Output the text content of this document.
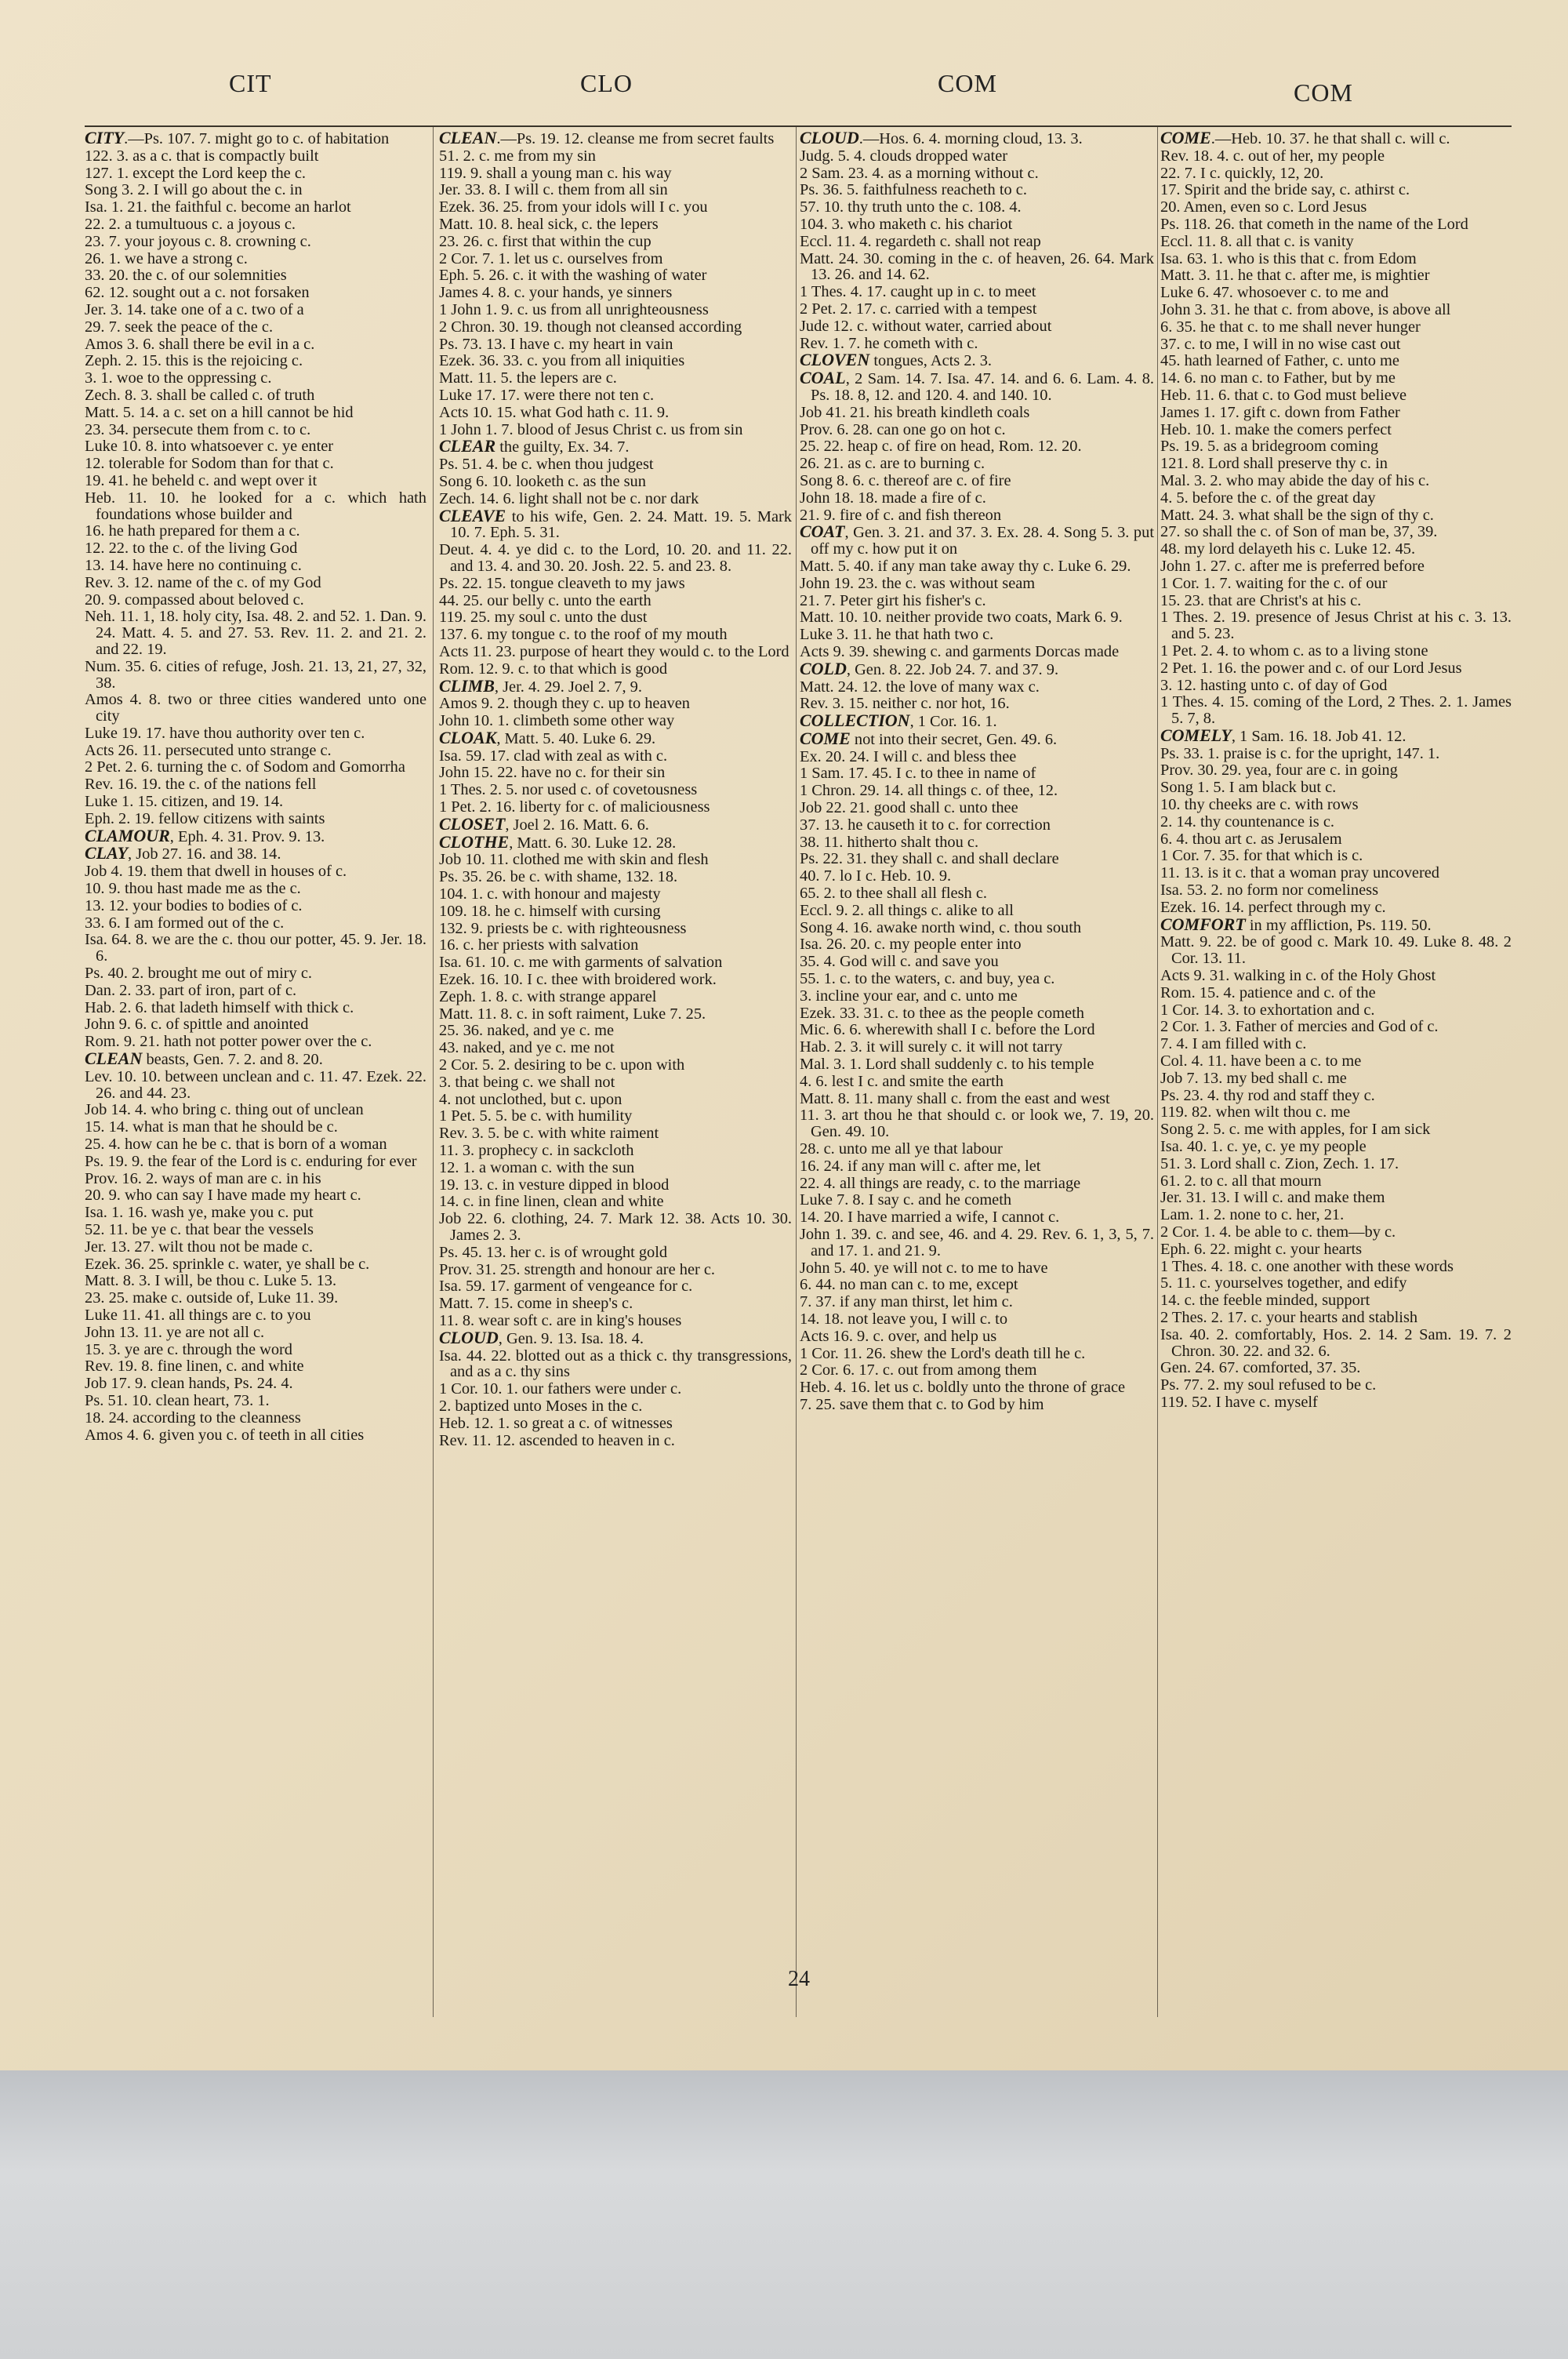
CIT	CLO	COM	COM
CITY.—Ps. 107. 7. might go to c. of habitation
122. 3. as a c. that is compactly built
127. 1. except the Lord keep the c.
Song 3. 2. I will go about the c. in
Isa. 1. 21. the faithful c. become an harlot
22. 2. a tumultuous c. a joyous c.
23. 7. your joyous c. 8. crowning c.
26. 1. we have a strong c.
33. 20. the c. of our solemnities
62. 12. sought out a c. not forsaken
Jer. 3. 14. take one of a c. two of a
29. 7. seek the peace of the c.
Amos 3. 6. shall there be evil in a c.
Zeph. 2. 15. this is the rejoicing c.
3. 1. woe to the oppressing c.
Zech. 8. 3. shall be called c. of truth
Matt. 5. 14. a c. set on a hill cannot be hid
23. 34. persecute them from c. to c.
Luke 10. 8. into whatsoever c. ye enter
12. tolerable for Sodom than for that c.
19. 41. he beheld c. and wept over it
Heb. 11. 10. he looked for a c. which hath foundations whose builder and
16. he hath prepared for them a c.
12. 22. to the c. of the living God
13. 14. have here no continuing c.
Rev. 3. 12. name of the c. of my God
20. 9. compassed about beloved c.
Neh. 11. 1, 18. holy city, Isa. 48. 2. and 52. 1. Dan. 9. 24. Matt. 4. 5. and 27. 53. Rev. 11. 2. and 21. 2. and 22. 19.
Num. 35. 6. cities of refuge, Josh. 21. 13, 21, 27, 32, 38.
Amos 4. 8. two or three cities wandered unto one city
Luke 19. 17. have thou authority over ten c.
Acts 26. 11. persecuted unto strange c.
2 Pet. 2. 6. turning the c. of Sodom and Gomorrha
Rev. 16. 19. the c. of the nations fell
Luke 1. 15. citizen, and 19. 14.
Eph. 2. 19. fellow citizens with saints
CLAMOUR, Eph. 4. 31. Prov. 9. 13.
CLAY, Job 27. 16. and 38. 14.
Job 4. 19. them that dwell in houses of c.
10. 9. thou hast made me as the c.
13. 12. your bodies to bodies of c.
33. 6. I am formed out of the c.
Isa. 64. 8. we are the c. thou our potter, 45. 9. Jer. 18. 6.
Ps. 40. 2. brought me out of miry c.
Dan. 2. 33. part of iron, part of c.
Hab. 2. 6. that ladeth himself with thick c.
John 9. 6. c. of spittle and anointed
Rom. 9. 21. hath not potter power over the c.
CLEAN beasts, Gen. 7. 2. and 8. 20.
Lev. 10. 10. between unclean and c. 11. 47. Ezek. 22. 26. and 44. 23.
Job 14. 4. who bring c. thing out of unclean
15. 14. what is man that he should be c.
25. 4. how can he be c. that is born of a woman
Ps. 19. 9. the fear of the Lord is c. enduring for ever
Prov. 16. 2. ways of man are c. in his
20. 9. who can say I have made my heart c.
Isa. 1. 16. wash ye, make you c. put
52. 11. be ye c. that bear the vessels
Jer. 13. 27. wilt thou not be made c.
Ezek. 36. 25. sprinkle c. water, ye shall be c.
Matt. 8. 3. I will, be thou c. Luke 5. 13.
23. 25. make c. outside of, Luke 11. 39.
Luke 11. 41. all things are c. to you
John 13. 11. ye are not all c.
15. 3. ye are c. through the word
Rev. 19. 8. fine linen, c. and white
Job 17. 9. clean hands, Ps. 24. 4.
Ps. 51. 10. clean heart, 73. 1.
18. 24. according to the cleanness
Amos 4. 6. given you c. of teeth in all cities
CLEAN.—Ps. 19. 12. cleanse me from secret faults
51. 2. c. me from my sin
119. 9. shall a young man c. his way
Jer. 33. 8. I will c. them from all sin
Ezek. 36. 25. from your idols will I c. you
Matt. 10. 8. heal sick, c. the lepers
23. 26. c. first that within the cup
2 Cor. 7. 1. let us c. ourselves from
Eph. 5. 26. c. it with the washing of water
James 4. 8. c. your hands, ye sinners
1 John 1. 9. c. us from all unrighteousness
2 Chron. 30. 19. though not cleansed according
Ps. 73. 13. I have c. my heart in vain
Ezek. 36. 33. c. you from all iniquities
Matt. 11. 5. the lepers are c.
Luke 17. 17. were there not ten c.
Acts 10. 15. what God hath c. 11. 9.
1 John 1. 7. blood of Jesus Christ c. us from sin
CLEAR the guilty, Ex. 34. 7.
Ps. 51. 4. be c. when thou judgest
Song 6. 10. looketh c. as the sun
Zech. 14. 6. light shall not be c. nor dark
CLEAVE to his wife, Gen. 2. 24. Matt. 19. 5. Mark 10. 7. Eph. 5. 31.
Deut. 4. 4. ye did c. to the Lord, 10. 20. and 11. 22. and 13. 4. and 30. 20. Josh. 22. 5. and 23. 8.
Ps. 22. 15. tongue cleaveth to my jaws
44. 25. our belly c. unto the earth
119. 25. my soul c. unto the dust
137. 6. my tongue c. to the roof of my mouth
Acts 11. 23. purpose of heart they would c. to the Lord
Rom. 12. 9. c. to that which is good
CLIMB, Jer. 4. 29. Joel 2. 7, 9.
Amos 9. 2. though they c. up to heaven
John 10. 1. climbeth some other way
CLOAK, Matt. 5. 40. Luke 6. 29.
Isa. 59. 17. clad with zeal as with c.
John 15. 22. have no c. for their sin
1 Thes. 2. 5. nor used c. of covetousness
1 Pet. 2. 16. liberty for c. of maliciousness
CLOSET, Joel 2. 16. Matt. 6. 6.
CLOTHE, Matt. 6. 30. Luke 12. 28.
Job 10. 11. clothed me with skin and flesh
Ps. 35. 26. be c. with shame, 132. 18.
104. 1. c. with honour and majesty
109. 18. he c. himself with cursing
132. 9. priests be c. with righteousness
16. c. her priests with salvation
Isa. 61. 10. c. me with garments of salvation
Ezek. 16. 10. I c. thee with broidered work.
Zeph. 1. 8. c. with strange apparel
Matt. 11. 8. c. in soft raiment, Luke 7. 25.
25. 36. naked, and ye c. me
43. naked, and ye c. me not
2 Cor. 5. 2. desiring to be c. upon with
3. that being c. we shall not
4. not unclothed, but c. upon
1 Pet. 5. 5. be c. with humility
Rev. 3. 5. be c. with white raiment
11. 3. prophecy c. in sackcloth
12. 1. a woman c. with the sun
19. 13. c. in vesture dipped in blood
14. c. in fine linen, clean and white
Job 22. 6. clothing, 24. 7. Mark 12. 38. Acts 10. 30. James 2. 3.
Ps. 45. 13. her c. is of wrought gold
Prov. 31. 25. strength and honour are her c.
Isa. 59. 17. garment of vengeance for c.
Matt. 7. 15. come in sheep's c.
11. 8. wear soft c. are in king's houses
CLOUD, Gen. 9. 13. Isa. 18. 4.
Isa. 44. 22. blotted out as a thick c. thy transgressions, and as a c. thy sins
1 Cor. 10. 1. our fathers were under c.
2. baptized unto Moses in the c.
Heb. 12. 1. so great a c. of witnesses
Rev. 11. 12. ascended to heaven in c.
CLOUD.—Hos. 6. 4. morning cloud, 13. 3.
Judg. 5. 4. clouds dropped water
2 Sam. 23. 4. as a morning without c.
Ps. 36. 5. faithfulness reacheth to c.
57. 10. thy truth unto the c. 108. 4.
104. 3. who maketh c. his chariot
Eccl. 11. 4. regardeth c. shall not reap
Matt. 24. 30. coming in the c. of heaven, 26. 64. Mark 13. 26. and 14. 62.
1 Thes. 4. 17. caught up in c. to meet
2 Pet. 2. 17. c. carried with a tempest
Jude 12. c. without water, carried about
Rev. 1. 7. he cometh with c.
CLOVEN tongues, Acts 2. 3.
COAL, 2 Sam. 14. 7. Isa. 47. 14. and 6. 6. Lam. 4. 8. Ps. 18. 8, 12. and 120. 4. and 140. 10.
Job 41. 21. his breath kindleth coals
Prov. 6. 28. can one go on hot c.
25. 22. heap c. of fire on head, Rom. 12. 20.
26. 21. as c. are to burning c.
Song 8. 6. c. thereof are c. of fire
John 18. 18. made a fire of c.
21. 9. fire of c. and fish thereon
COAT, Gen. 3. 21. and 37. 3. Ex. 28. 4. Song 5. 3. put off my c. how put it on
Matt. 5. 40. if any man take away thy c. Luke 6. 29.
John 19. 23. the c. was without seam
21. 7. Peter girt his fisher's c.
Matt. 10. 10. neither provide two coats, Mark 6. 9.
Luke 3. 11. he that hath two c.
Acts 9. 39. shewing c. and garments Dorcas made
COLD, Gen. 8. 22. Job 24. 7. and 37. 9.
Matt. 24. 12. the love of many wax c.
Rev. 3. 15. neither c. nor hot, 16.
COLLECTION, 1 Cor. 16. 1.
COME not into their secret, Gen. 49. 6.
Ex. 20. 24. I will c. and bless thee
1 Sam. 17. 45. I c. to thee in name of
1 Chron. 29. 14. all things c. of thee, 12.
Job 22. 21. good shall c. unto thee
37. 13. he causeth it to c. for correction
38. 11. hitherto shalt thou c.
Ps. 22. 31. they shall c. and shall declare
40. 7. lo I c. Heb. 10. 9.
65. 2. to thee shall all flesh c.
Eccl. 9. 2. all things c. alike to all
Song 4. 16. awake north wind, c. thou south
Isa. 26. 20. c. my people enter into
35. 4. God will c. and save you
55. 1. c. to the waters, c. and buy, yea c.
3. incline your ear, and c. unto me
Ezek. 33. 31. c. to thee as the people cometh
Mic. 6. 6. wherewith shall I c. before the Lord
Hab. 2. 3. it will surely c. it will not tarry
Mal. 3. 1. Lord shall suddenly c. to his temple
4. 6. lest I c. and smite the earth
Matt. 8. 11. many shall c. from the east and west
11. 3. art thou he that should c. or look we, 7. 19, 20. Gen. 49. 10.
28. c. unto me all ye that labour
16. 24. if any man will c. after me, let
22. 4. all things are ready, c. to the marriage
Luke 7. 8. I say c. and he cometh
14. 20. I have married a wife, I cannot c.
John 1. 39. c. and see, 46. and 4. 29. Rev. 6. 1, 3, 5, 7. and 17. 1. and 21. 9.
John 5. 40. ye will not c. to me to have
6. 44. no man can c. to me, except
7. 37. if any man thirst, let him c.
14. 18. not leave you, I will c. to
Acts 16. 9. c. over, and help us
1 Cor. 11. 26. shew the Lord's death till he c.
2 Cor. 6. 17. c. out from among them
Heb. 4. 16. let us c. boldly unto the throne of grace
7. 25. save them that c. to God by him
COME.—Heb. 10. 37. he that shall c. will c.
Rev. 18. 4. c. out of her, my people
22. 7. I c. quickly, 12, 20.
17. Spirit and the bride say, c. athirst c.
20. Amen, even so c. Lord Jesus
Ps. 118. 26. that cometh in the name of the Lord
Eccl. 11. 8. all that c. is vanity
Isa. 63. 1. who is this that c. from Edom
Matt. 3. 11. he that c. after me, is mightier
Luke 6. 47. whosoever c. to me and
John 3. 31. he that c. from above, is above all
6. 35. he that c. to me shall never hunger
37. c. to me, I will in no wise cast out
45. hath learned of Father, c. unto me
14. 6. no man c. to Father, but by me
Heb. 11. 6. that c. to God must believe
James 1. 17. gift c. down from Father
Heb. 10. 1. make the comers perfect
Ps. 19. 5. as a bridegroom coming
121. 8. Lord shall preserve thy c. in
Mal. 3. 2. who may abide the day of his c.
4. 5. before the c. of the great day
Matt. 24. 3. what shall be the sign of thy c.
27. so shall the c. of Son of man be, 37, 39.
48. my lord delayeth his c. Luke 12. 45.
John 1. 27. c. after me is preferred before
1 Cor. 1. 7. waiting for the c. of our
15. 23. that are Christ's at his c.
1 Thes. 2. 19. presence of Jesus Christ at his c. 3. 13. and 5. 23.
1 Pet. 2. 4. to whom c. as to a living stone
2 Pet. 1. 16. the power and c. of our Lord Jesus
3. 12. hasting unto c. of day of God
1 Thes. 4. 15. coming of the Lord, 2 Thes. 2. 1. James 5. 7, 8.
COMELY, 1 Sam. 16. 18. Job 41. 12.
Ps. 33. 1. praise is c. for the upright, 147. 1.
Prov. 30. 29. yea, four are c. in going
Song 1. 5. I am black but c.
10. thy cheeks are c. with rows
2. 14. thy countenance is c.
6. 4. thou art c. as Jerusalem
1 Cor. 7. 35. for that which is c.
11. 13. is it c. that a woman pray uncovered
Isa. 53. 2. no form nor comeliness
Ezek. 16. 14. perfect through my c.
COMFORT in my affliction, Ps. 119. 50.
Matt. 9. 22. be of good c. Mark 10. 49. Luke 8. 48. 2 Cor. 13. 11.
Acts 9. 31. walking in c. of the Holy Ghost
Rom. 15. 4. patience and c. of the
1 Cor. 14. 3. to exhortation and c.
2 Cor. 1. 3. Father of mercies and God of c.
7. 4. I am filled with c.
Col. 4. 11. have been a c. to me
Job 7. 13. my bed shall c. me
Ps. 23. 4. thy rod and staff they c.
119. 82. when wilt thou c. me
Song 2. 5. c. me with apples, for I am sick
Isa. 40. 1. c. ye, c. ye my people
51. 3. Lord shall c. Zion, Zech. 1. 17.
61. 2. to c. all that mourn
Jer. 31. 13. I will c. and make them
Lam. 1. 2. none to c. her, 21.
2 Cor. 1. 4. be able to c. them—by c.
Eph. 6. 22. might c. your hearts
1 Thes. 4. 18. c. one another with these words
5. 11. c. yourselves together, and edify
14. c. the feeble minded, support
2 Thes. 2. 17. c. your hearts and stablish
Isa. 40. 2. comfortably, Hos. 2. 14. 2 Sam. 19. 7. 2 Chron. 30. 22. and 32. 6.
Gen. 24. 67. comforted, 37. 35.
Ps. 77. 2. my soul refused to be c.
119. 52. I have c. myself
24
